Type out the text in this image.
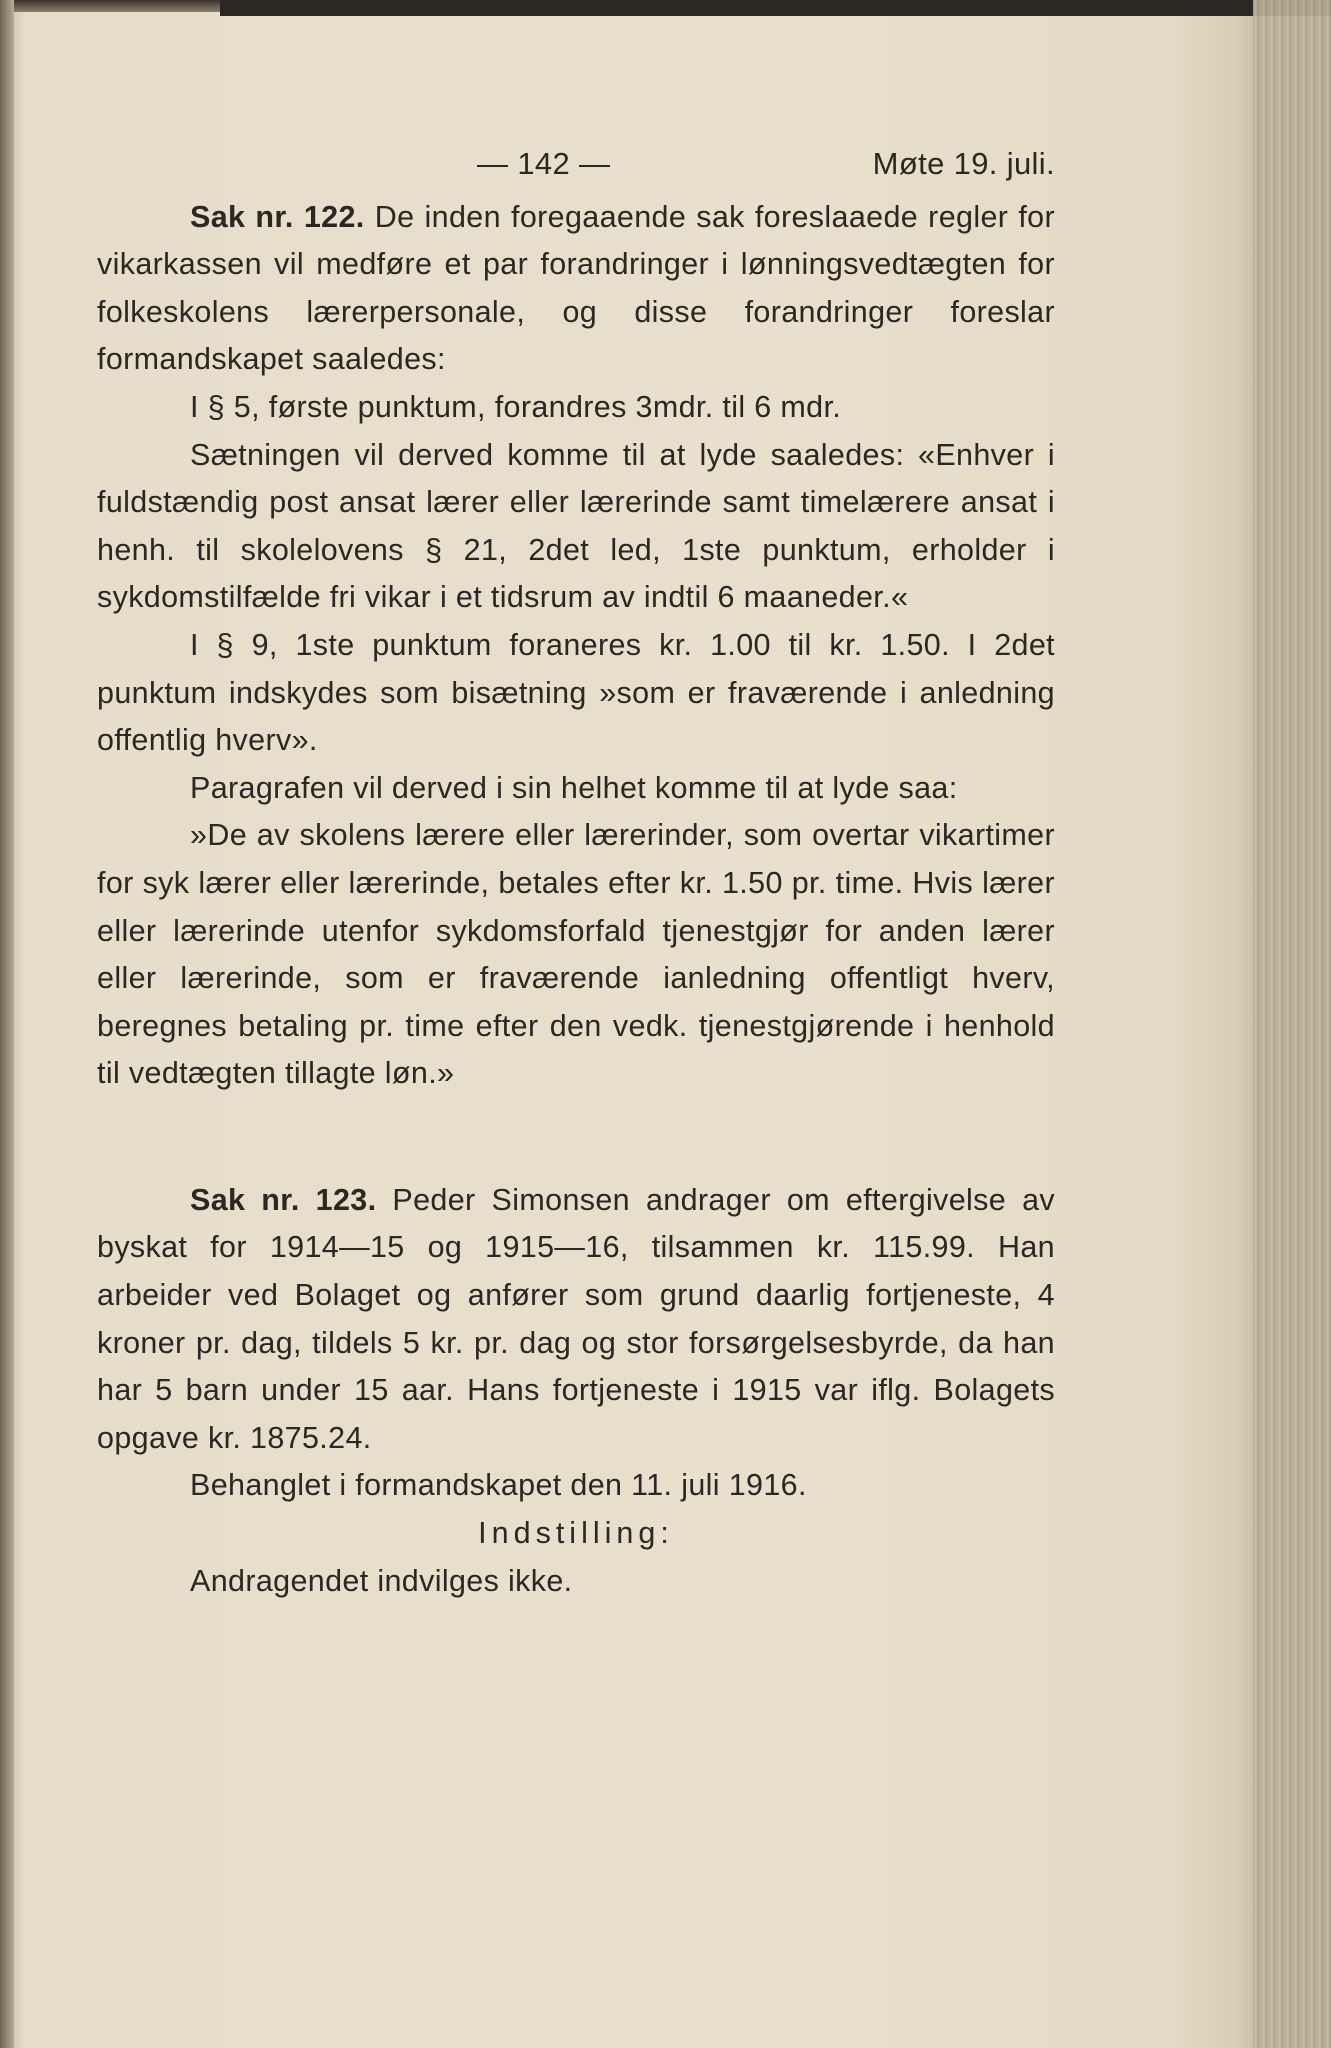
— 142 —	Møte 19. juli.

Sak nr. 122. De inden foregaaende sak foreslaaede regler for vikarkassen vil medføre et par forandringer i lønningsvedtægten for folkeskolens lærerpersonale, og disse forandringer foreslar formandskapet saaledes:

I § 5, første punktum, forandres 3mdr. til 6 mdr.

Sætningen vil derved komme til at lyde saaledes: «Enhver i fuldstændig post ansat lærer eller lærerinde samt timelærere ansat i henh. til skolelovens § 21, 2det led, 1ste punktum, erholder i sykdomstilfælde fri vikar i et tidsrum av indtil 6 maaneder.«

I § 9, 1ste punktum foraneres kr. 1.00 til kr. 1.50. I 2det punktum indskydes som bisætning »som er fraværende i anledning offentlig hverv».

Paragrafen vil derved i sin helhet komme til at lyde saa:

»De av skolens lærere eller lærerinder, som overtar vikartimer for syk lærer eller lærerinde, betales efter kr. 1.50 pr. time. Hvis lærer eller lærerinde utenfor sykdomsforfald tjenestgjør for anden lærer eller lærerinde, som er fraværende ianledning offentligt hverv, beregnes betaling pr. time efter den vedk. tjenestgjørende i henhold til vedtægten tillagte løn.»

Sak nr. 123. Peder Simonsen andrager om eftergivelse av byskat for 1914—15 og 1915—16, tilsammen kr. 115.99. Han arbeider ved Bolaget og anfører som grund daarlig fortjeneste, 4 kroner pr. dag, tildels 5 kr. pr. dag og stor forsørgelsesbyrde, da han har 5 barn under 15 aar. Hans fortjeneste i 1915 var iflg. Bolagets opgave kr. 1875.24.

Behanglet i formandskapet den 11. juli 1916.

Indstilling:

Andragendet indvilges ikke.
